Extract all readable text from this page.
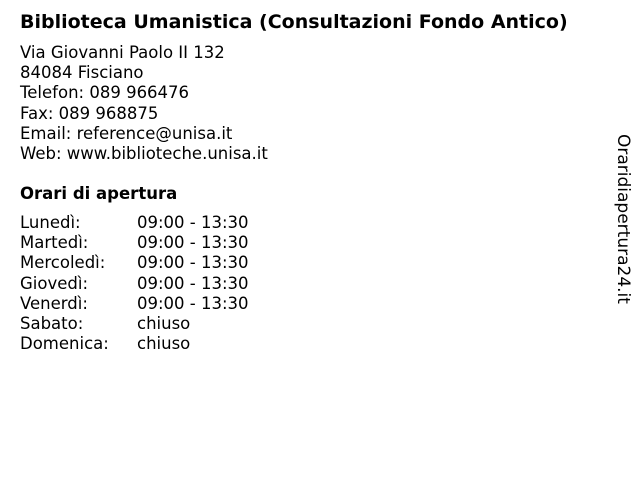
Biblioteca Umanistica (Consultazioni Fondo Antico)
Via Giovanni Paolo II 132
84084 Fisciano
Telefon: 089 966476
Fax: 089 968875
Email: reference@unisa.it
Web: www.biblioteche.unisa.it
Orari di apertura
Lunedì:	09:00 - 13:30
Martedì:	09:00 - 13:30
Mercoledì: 09:00 - 13:30
Giovedì:	09:00 - 13:30
Venerdì:	09:00 - 13:30
Sabato:	chiuso
Domenica: chiuso
Oraridiapertura24.it
